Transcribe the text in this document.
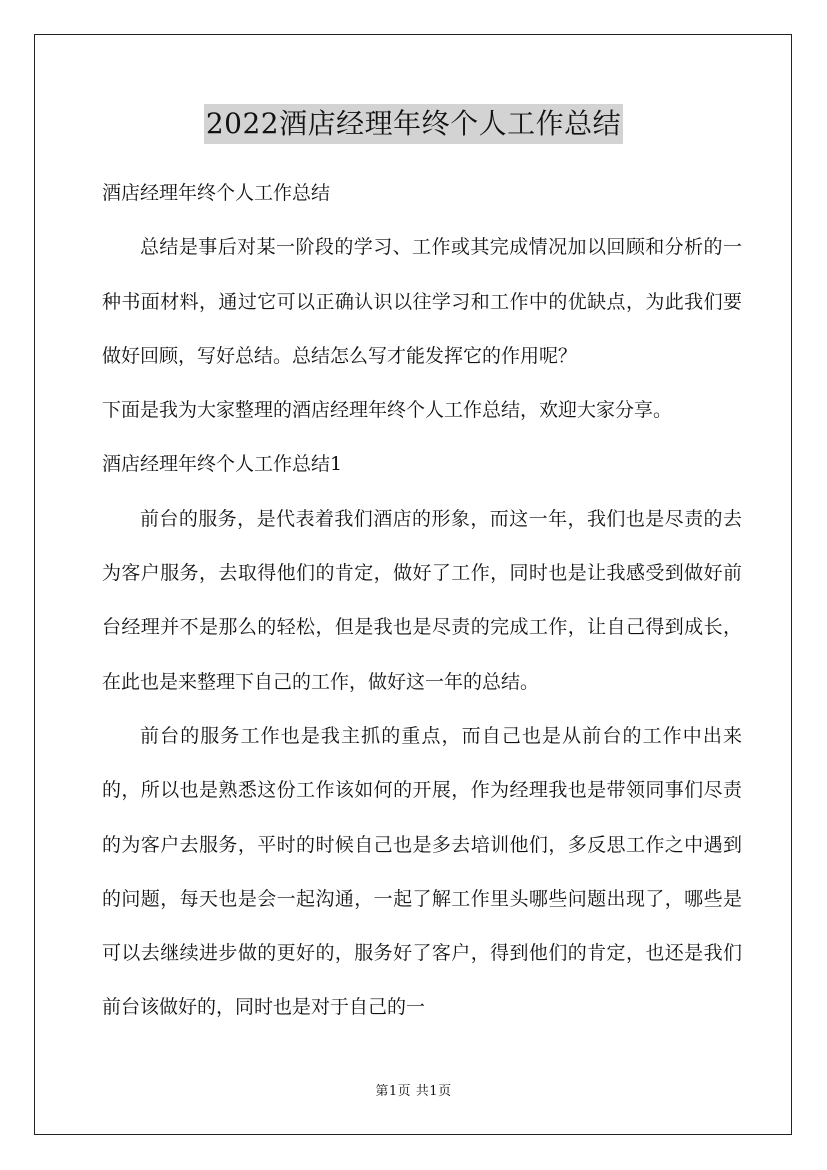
2022酒店经理年终个人工作总结

酒店经理年终个人工作总结

总结是事后对某一阶段的学习、工作或其完成情况加以回顾和分析的一种书面材料，通过它可以正确认识以往学习和工作中的优缺点，为此我们要做好回顾，写好总结。总结怎么写才能发挥它的作用呢？

下面是我为大家整理的酒店经理年终个人工作总结，欢迎大家分享。

酒店经理年终个人工作总结1

前台的服务，是代表着我们酒店的形象，而这一年，我们也是尽责的去为客户服务，去取得他们的肯定，做好了工作，同时也是让我感受到做好前台经理并不是那么的轻松，但是我也是尽责的完成工作，让自己得到成长，在此也是来整理下自己的工作，做好这一年的总结。

前台的服务工作也是我主抓的重点，而自己也是从前台的工作中出来的，所以也是熟悉这份工作该如何的开展，作为经理我也是带领同事们尽责的为客户去服务，平时的时候自己也是多去培训他们，多反思工作之中遇到的问题，每天也是会一起沟通，一起了解工作里头哪些问题出现了，哪些是可以去继续进步做的更好的，服务好了客户，得到他们的肯定，也还是我们前台该做好的，同时也是对于自己的一

第1页 共1页
